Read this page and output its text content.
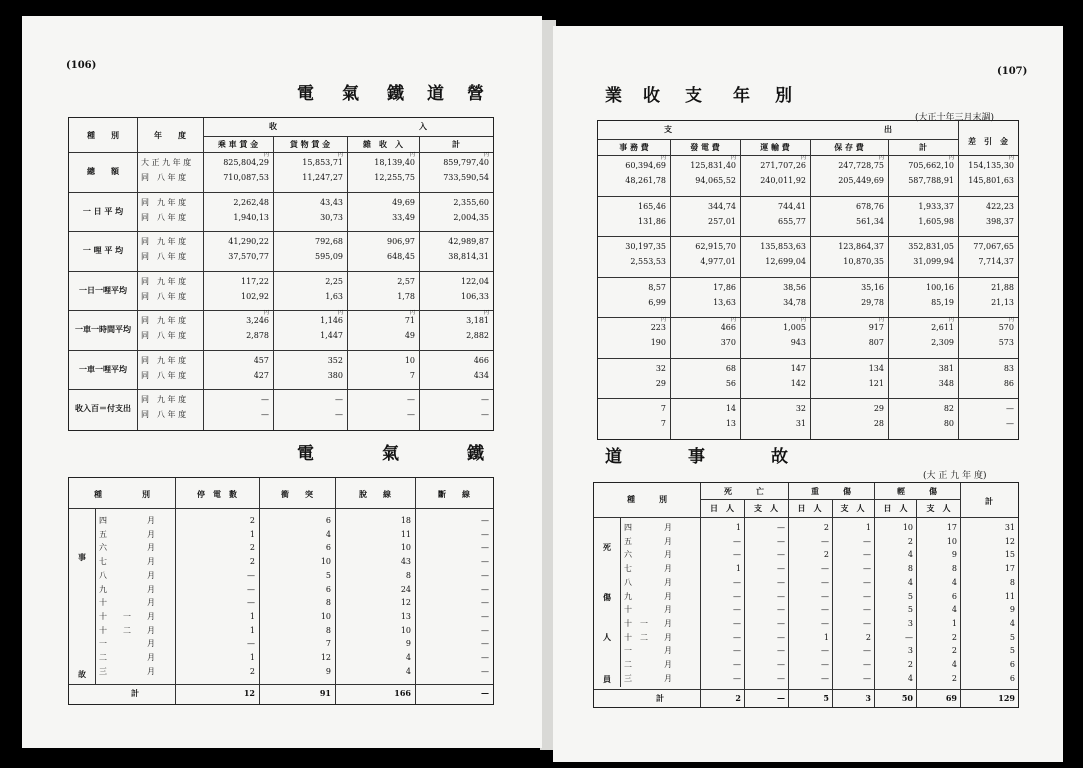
(106)
電 氣 鐵 道 營
種　　別	年　　度
收	入
乘 車 賃 金	貨 物 賃 金	雜　收　入	計
總　　額
円	円	円	円
大 正 九 年 度	825,804,29	15,853,71	18,139,40	859,797,40
同　八 年 度	710,087,53	11,247,27	12,255,75	733,590,54
一 日 平 均
同　九 年 度	2,262,48	43,43	49,69	2,355,60
同　八 年 度	1,940,13	30,73	33,49	2,004,35
一 哩 平 均
同　九 年 度	41,290,22	792,68	906,97	42,989,87
同　八 年 度	37,570,77	595,09	648,45	38,814,31
一日一哩平均
同　九 年 度	117,22	2,25	2,57	122,04
同　八 年 度	102,92	1,63	1,78	106,33
一車一時間平均
円	円	円	円
同　九 年 度	3,246	1,146	71	3,181
同　八 年 度	2,878	1,447	49	2,882
一車一哩平均
同　九 年 度	457	352	10	466
同　八 年 度	427	380	7	434
收入百＝付支出
同　九 年 度	—	—	—	—
同　八 年 度	—	—	—	—
電	氣	鐵
種　　　　　別	停　電　數	衝　　突	脫　　線	斷　　線
事
故
四　　　　　月	2	6	18	—
五　　　　　月	1	4	11	—
六　　　　　月	2	6	10	—
七　　　　　月	2	10	43	—
八　　　　　月	—	5	8	—
九　　　　　月	—	6	24	—
十　　　　　月	—	8	12	—
十　　一　　月	1	10	13	—
十　　二　　月	1	8	10	—
一　　　　　月	—	7	9	—
二　　　　　月	1	12	4	—
三　　　　　月	2	9	4	—
計	12	91	166	—
(107)
業 收 支 年 別
(大正十年三月末調)
支	出
差　引　金
事 務 費	發 電 費	運 輸 費	保 存 費	計
円	円	円	円	円	円
60,394,69	125,831,40	271,707,26	247,728,75	705,662,10	154,135,30
48,261,78	94,065,52	240,011,92	205,449,69	587,788,91	145,801,63
165,46	344,74	744,41	678,76	1,933,37	422,23
131,86	257,01	655,77	561,34	1,605,98	398,37
30,197,35	62,915,70	135,853,63	123,864,37	352,831,05	77,067,65
2,553,53	4,977,01	12,699,04	10,870,35	31,099,94	7,714,37
8,57	17,86	38,56	35,16	100,16	21,88
6,99	13,63	34,78	29,78	85,19	21,13
円	円	円	円	円	円
223	466	1,005	917	2,611	570
190	370	943	807	2,309	573
32	68	147	134	381	83
29	56	142	121	348	86
7	14	32	29	82	—
7	13	31	28	80	—
道	事	故
(大 正 九 年 度)
種　　　別
死　　　亡
日　人	支　人
重　　　傷
日　人	支　人
輕　　　傷
日　人	支　人
計
死
傷
人
員
四　　　　月	1	—	2	1	10	17	31
五　　　　月	—	—	—	—	2	10	12
六　　　　月	—	—	2	—	4	9	15
七　　　　月	1	—	—	—	8	8	17
八　　　　月	—	—	—	—	4	4	8
九　　　　月	—	—	—	—	5	6	11
十　　　　月	—	—	—	—	5	4	9
十　一　　月	—	—	—	—	3	1	4
十　二　　月	—	—	1	2	—	2	5
一　　　　月	—	—	—	—	3	2	5
二　　　　月	—	—	—	—	2	4	6
三　　　　月	—	—	—	—	4	2	6
計	2	—	5	3	50	69	129
